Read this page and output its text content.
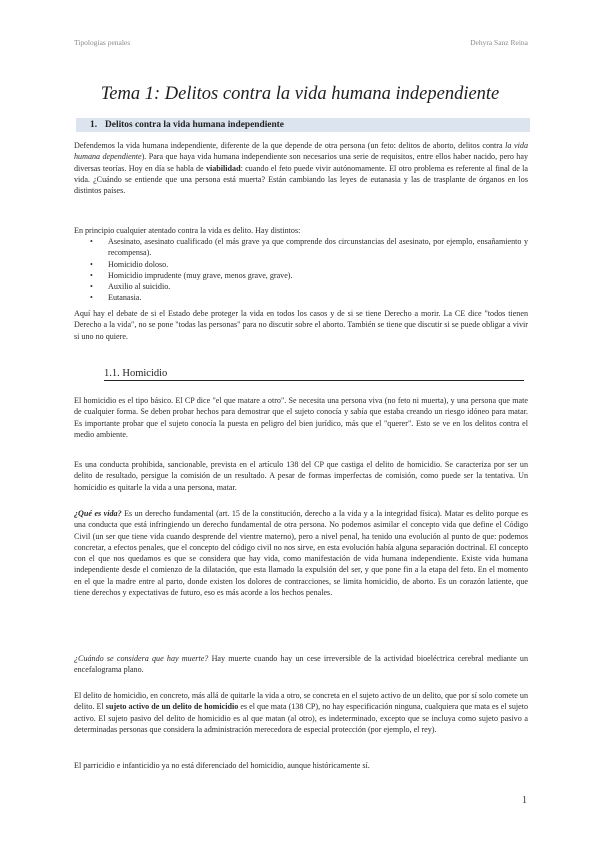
Tipologías penales	Dehyra Sanz Reina
Tema 1: Delitos contra la vida humana independiente
1. Delitos contra la vida humana independiente

Defendemos la vida humana independiente, diferente de la que depende de otra persona (un feto: delitos de aborto, delitos contra la vida humana dependiente). Para que haya vida humana independiente son necesarios una serie de requisitos, entre ellos haber nacido, pero hay diversas teorías. Hoy en día se habla de viabilidad: cuando el feto puede vivir autónomamente. El otro problema es referente al final de la vida. ¿Cuándo se entiende que una persona está muerta? Están cambiando las leyes de eutanasia y las de trasplante de órganos en los distintos países.

En principio cualquier atentado contra la vida es delito. Hay distintos:

• Asesinato, asesinato cualificado (el más grave ya que comprende dos circunstancias del asesinato, por ejemplo, ensañamiento y recompensa).
• Homicidio doloso.
• Homicidio imprudente (muy grave, menos grave, grave).
• Auxilio al suicidio.
• Eutanasia.

Aquí hay el debate de si el Estado debe proteger la vida en todos los casos y de si se tiene Derecho a morir. La CE dice "todos tienen Derecho a la vida", no se pone "todas las personas" para no discutir sobre el aborto. También se tiene que discutir si se puede obligar a vivir si uno no quiere.

1.1. Homicidio

El homicidio es el tipo básico. El CP dice "el que matare a otro". Se necesita una persona viva (no feto ni muerta), y una persona que mate de cualquier forma. Se deben probar hechos para demostrar que el sujeto conocía y sabía que estaba creando un riesgo idóneo para matar. Es importante probar que el sujeto conocía la puesta en peligro del bien jurídico, más que el "querer". Esto se ve en los delitos contra el medio ambiente.

Es una conducta prohibida, sancionable, prevista en el artículo 138 del CP que castiga el delito de homicidio. Se caracteriza por ser un delito de resultado, persigue la comisión de un resultado. A pesar de formas imperfectas de comisión, como puede ser la tentativa. Un homicidio es quitarle la vida a una persona, matar.

¿Qué es vida? Es un derecho fundamental (art. 15 de la constitución, derecho a la vida y a la integridad física). Matar es delito porque es una conducta que está infringiendo un derecho fundamental de otra persona. No podemos asimilar el concepto vida que define el Código Civil (un ser que tiene vida cuando desprende del vientre materno), pero a nivel penal, ha tenido una evolución al punto de que: podemos concretar, a efectos penales, que el concepto del código civil no nos sirve, en esta evolución había alguna separación doctrinal. El concepto con el que nos quedamos es que se considera que hay vida, como manifestación de vida humana independiente. Existe vida humana independiente desde el comienzo de la dilatación, que esta llamado la expulsión del ser, y que pone fin a la etapa del feto. En el momento en el que la madre entre al parto, donde existen los dolores de contracciones, se limita homicidio, de aborto. Es un corazón latiente, que tiene derechos y expectativas de futuro, eso es más acorde a los hechos penales.

¿Cuándo se considera que hay muerte? Hay muerte cuando hay un cese irreversible de la actividad bioeléctrica cerebral mediante un encefalograma plano.

El delito de homicidio, en concreto, más allá de quitarle la vida a otro, se concreta en el sujeto activo de un delito, que por sí solo comete un delito. El sujeto activo de un delito de homicidio es el que mata (138 CP), no hay especificación ninguna, cualquiera que mata es el sujeto activo. El sujeto pasivo del delito de homicidio es al que matan (al otro), es indeterminado, excepto que se incluya como sujeto pasivo a determinadas personas que considera la administración merecedora de especial protección (por ejemplo, el rey).

El parricidio e infanticidio ya no está diferenciado del homicidio, aunque históricamente sí.

1
